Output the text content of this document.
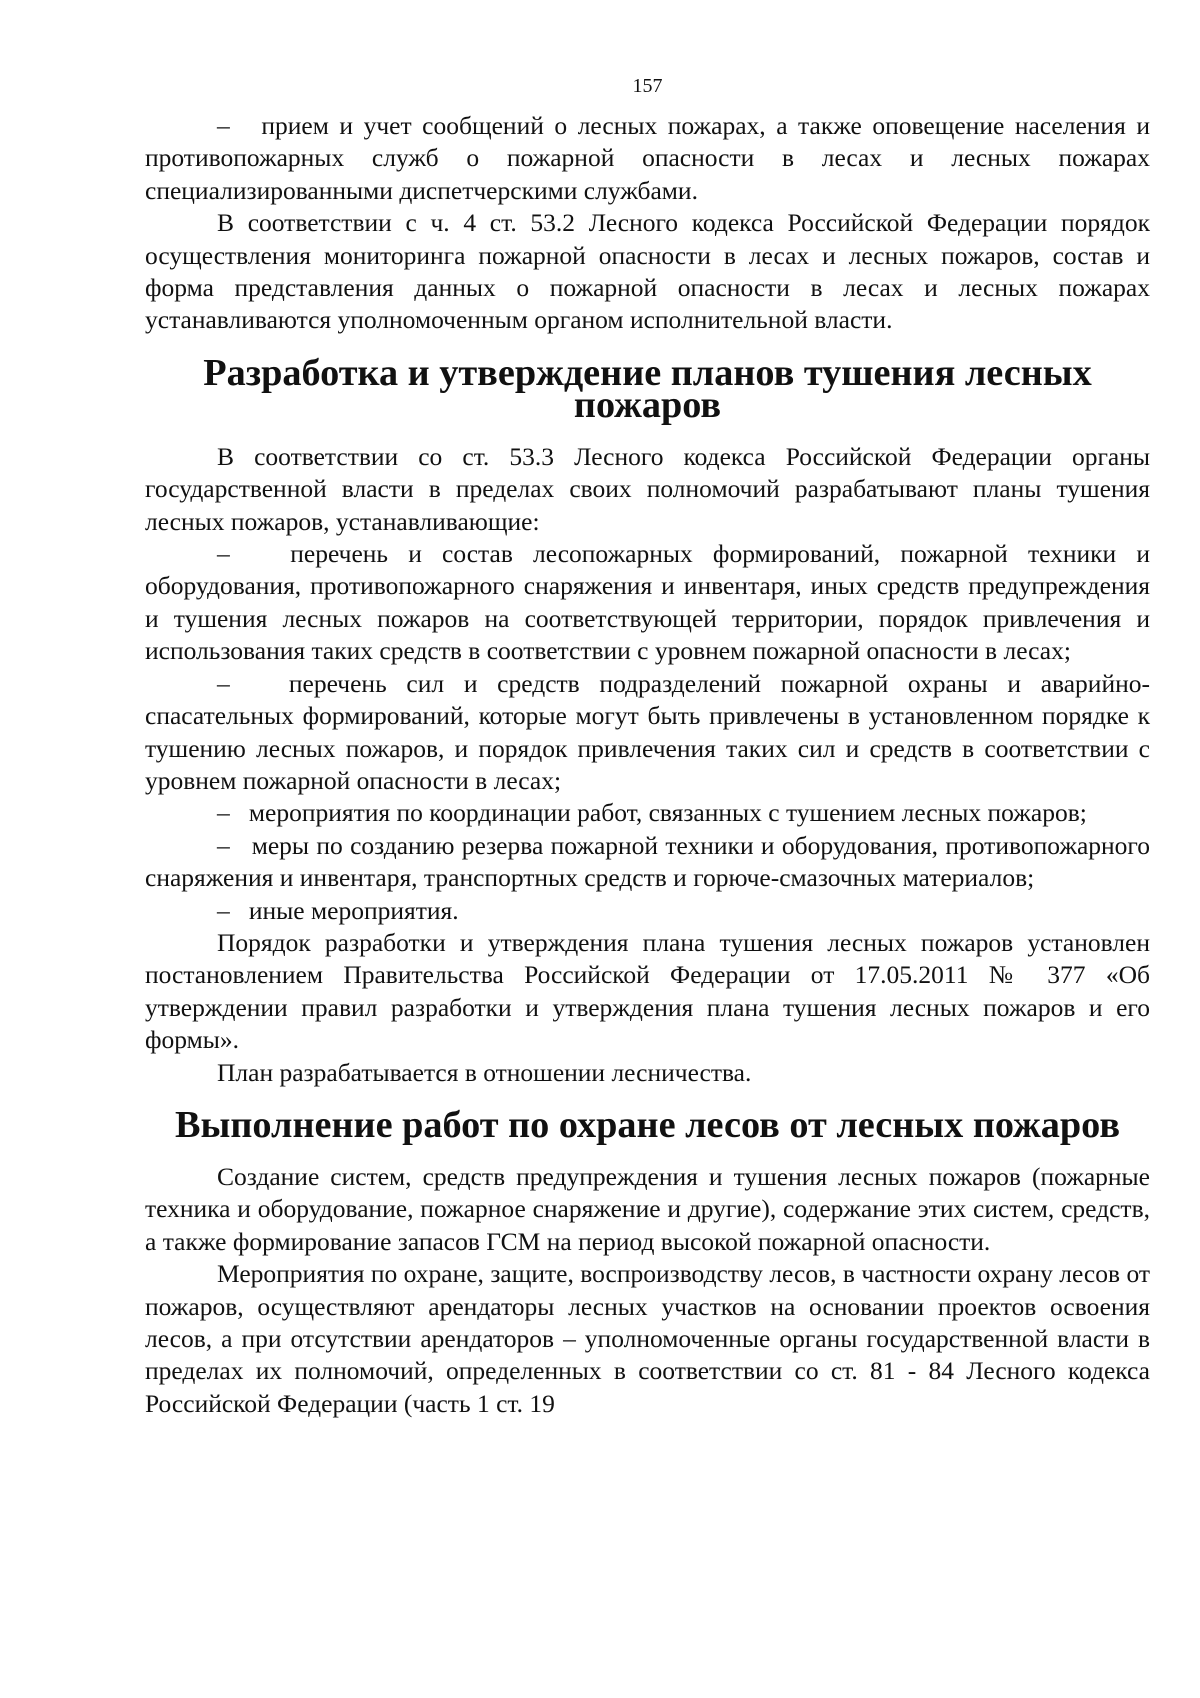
157

– прием и учет сообщений о лесных пожарах, а также оповещение населения и противопожарных служб о пожарной опасности в лесах и лесных пожарах специализированными диспетчерскими службами.

В соответствии с ч. 4 ст. 53.2 Лесного кодекса Российской Федерации порядок осуществления мониторинга пожарной опасности в лесах и лесных пожаров, состав и форма представления данных о пожарной опасности в лесах и лесных пожарах устанавливаются уполномоченным органом исполнительной власти.

Разработка и утверждение планов тушения лесных пожаров

В соответствии со ст. 53.3 Лесного кодекса Российской Федерации органы государственной власти в пределах своих полномочий разрабатывают планы тушения лесных пожаров, устанавливающие:

– перечень и состав лесопожарных формирований, пожарной техники и оборудования, противопожарного снаряжения и инвентаря, иных средств предупреждения и тушения лесных пожаров на соответствующей территории, порядок привлечения и использования таких средств в соответствии с уровнем пожарной опасности в лесах;

– перечень сил и средств подразделений пожарной охраны и аварийно-спасательных формирований, которые могут быть привлечены в установленном порядке к тушению лесных пожаров, и порядок привлечения таких сил и средств в соответствии с уровнем пожарной опасности в лесах;

– мероприятия по координации работ, связанных с тушением лесных пожаров;

– меры по созданию резерва пожарной техники и оборудования, противопожарного снаряжения и инвентаря, транспортных средств и горюче-смазочных материалов;

– иные мероприятия.

Порядок разработки и утверждения плана тушения лесных пожаров установлен постановлением Правительства Российской Федерации от 17.05.2011 № 377 «Об утверждении правил разработки и утверждения плана тушения лесных пожаров и его формы».

План разрабатывается в отношении лесничества.

Выполнение работ по охране лесов от лесных пожаров

Создание систем, средств предупреждения и тушения лесных пожаров (пожарные техника и оборудование, пожарное снаряжение и другие), содержание этих систем, средств, а также формирование запасов ГСМ на период высокой пожарной опасности.

Мероприятия по охране, защите, воспроизводству лесов, в частности охрану лесов от пожаров, осуществляют арендаторы лесных участков на основании проектов освоения лесов, а при отсутствии арендаторов – уполномоченные органы государственной власти в пределах их полномочий, определенных в соответствии со ст. 81 - 84 Лесного кодекса Российской Федерации (часть 1 ст. 19
